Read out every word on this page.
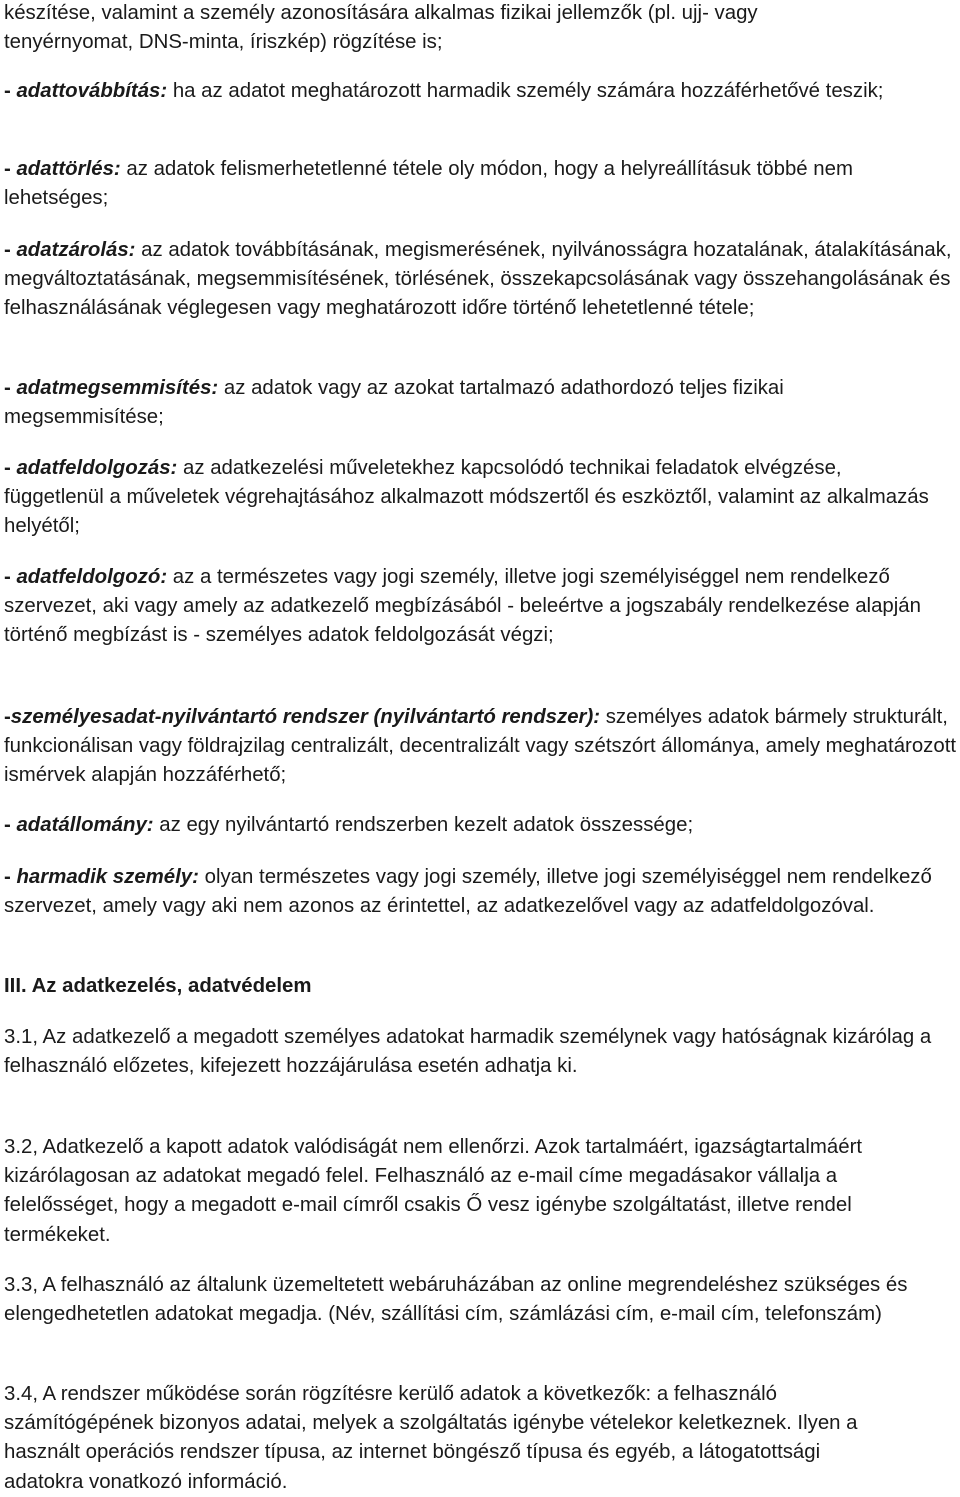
készítése, valamint a személy azonosítására alkalmas fizikai jellemzők (pl. ujj- vagy
tenyérnyomat, DNS-minta, íriszkép) rögzítése is;

- adattovábbítás: ha az adatot meghatározott harmadik személy számára hozzáférhetővé teszik;

- adattörlés: az adatok felismerhetetlenné tétele oly módon, hogy a helyreállításuk többé nem lehetséges;

- adatzárolás: az adatok továbbításának, megismerésének, nyilvánosságra hozatalának, átalakításának, megváltoztatásának, megsemmisítésének, törlésének, összekapcsolásának vagy összehangolásának és felhasználásának véglegesen vagy meghatározott időre történő lehetetlenné tétele;

- adatmegsemmisítés: az adatok vagy az azokat tartalmazó adathordozó teljes fizikai megsemmisítése;

- adatfeldolgozás: az adatkezelési műveletekhez kapcsolódó technikai feladatok elvégzése, függetlenül a műveletek végrehajtásához alkalmazott módszertől és eszköztől, valamint az alkalmazás helyétől;

- adatfeldolgozó: az a természetes vagy jogi személy, illetve jogi személyiséggel nem rendelkező szervezet, aki vagy amely az adatkezelő megbízásából - beleértve a jogszabály rendelkezése alapján történő megbízást is - személyes adatok feldolgozását végzi;

-személyesadat-nyilvántartó rendszer (nyilvántartó rendszer): személyes adatok bármely strukturált, funkcionálisan vagy földrajzilag centralizált, decentralizált vagy szétszórt állománya, amely meghatározott ismérvek alapján hozzáférhető;

- adatállomány: az egy nyilvántartó rendszerben kezelt adatok összessége;

- harmadik személy: olyan természetes vagy jogi személy, illetve jogi személyiséggel nem rendelkező szervezet, amely vagy aki nem azonos az érintettel, az adatkezelővel vagy az adatfeldolgozóval.

III. Az adatkezelés, adatvédelem

3.1, Az adatkezelő a megadott személyes adatokat harmadik személynek vagy hatóságnak kizárólag a felhasználó előzetes, kifejezett hozzájárulása esetén adhatja ki.

3.2, Adatkezelő a kapott adatok valódiságát nem ellenőrzi. Azok tartalmáért, igazságtartalmáért kizárólagosan az adatokat megadó felel. Felhasználó az e-mail címe megadásakor vállalja a felelősséget, hogy a megadott e-mail címről csakis Ő vesz igénybe szolgáltatást, illetve rendel termékeket.

3.3, A felhasználó az általunk üzemeltetett webáruházában az online megrendeléshez szükséges és elengedhetetlen adatokat megadja. (Név, szállítási cím, számlázási cím, e-mail cím, telefonszám)

3.4, A rendszer működése során rögzítésre kerülő adatok a következők: a felhasználó számítógépének bizonyos adatai, melyek a szolgáltatás igénybe vételekor keletkeznek. Ilyen a használt operációs rendszer típusa, az internet böngésző típusa és egyéb, a látogatottsági adatokra vonatkozó információ.
